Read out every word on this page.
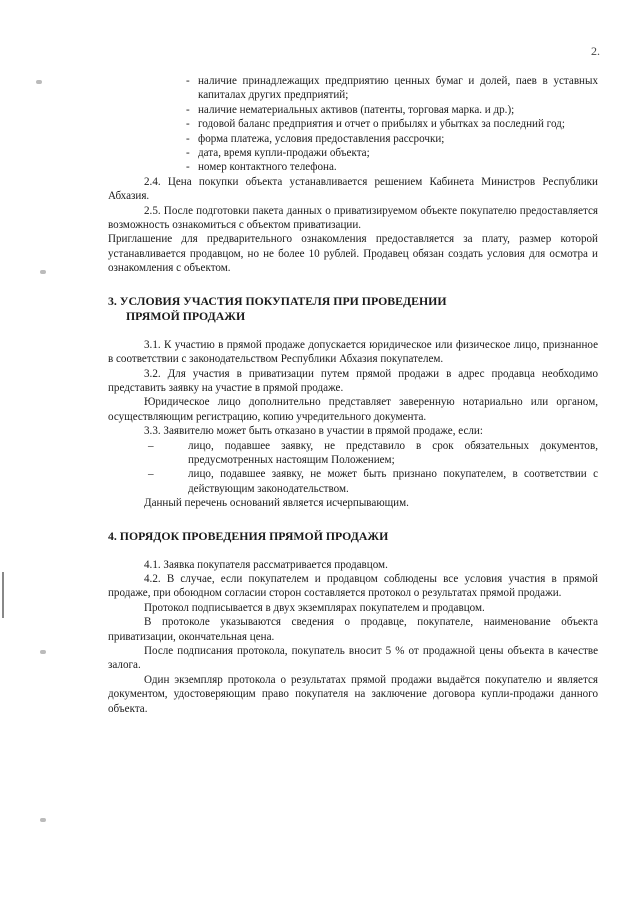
2.
- наличие принадлежащих предприятию ценных бумаг и долей, паев в уставных капиталах других предприятий;
- наличие нематериальных активов (патенты, торговая марка. и др.);
- годовой баланс предприятия и отчет о прибылях и убытках за последний год;
- форма платежа, условия предоставления рассрочки;
- дата, время купли-продажи объекта;
- номер контактного телефона.

2.4. Цена покупки объекта устанавливается решением Кабинета Министров Республики Абхазия.

2.5. После подготовки пакета данных о приватизируемом объекте покупателю предоставляется возможность ознакомиться с объектом приватизации.

Приглашение для предварительного ознакомления предоставляется за плату, размер которой устанавливается продавцом, но не более 10 рублей. Продавец обязан создать условия для осмотра и ознакомления с объектом.

3. УСЛОВИЯ УЧАСТИЯ ПОКУПАТЕЛЯ ПРИ ПРОВЕДЕНИИ
ПРЯМОЙ ПРОДАЖИ

3.1. К участию в прямой продаже допускается юридическое или физическое лицо, признанное в соответствии с законодательством Республики Абхазия покупателем.

3.2. Для участия в приватизации путем прямой продажи в адрес продавца необходимо представить заявку на участие в прямой продаже.

Юридическое лицо дополнительно представляет заверенную нотариально или органом, осуществляющим регистрацию, копию учредительного документа.

3.3. Заявителю может быть отказано в участии в прямой продаже, если:

–	лицо, подавшее заявку, не представило в срок обязательных документов, предусмотренных настоящим Положением;
–	лицо, подавшее заявку, не может быть признано покупателем, в соответствии с действующим законодательством.

Данный перечень оснований является исчерпывающим.

4. ПОРЯДОК ПРОВЕДЕНИЯ ПРЯМОЙ ПРОДАЖИ

4.1. Заявка покупателя рассматривается продавцом.

4.2. В случае, если покупателем и продавцом соблюдены все условия участия в прямой продаже, при обоюдном согласии сторон составляется протокол о результатах прямой продажи.

Протокол подписывается в двух экземплярах покупателем и продавцом.

В протоколе указываются сведения о продавце, покупателе, наименование объекта приватизации, окончательная цена.

После подписания протокола, покупатель вносит 5 % от продажной цены объекта в качестве залога.

Один экземпляр протокола о результатах прямой продажи выдаётся покупателю и является документом, удостоверяющим право покупателя на заключение договора купли-продажи данного объекта.
